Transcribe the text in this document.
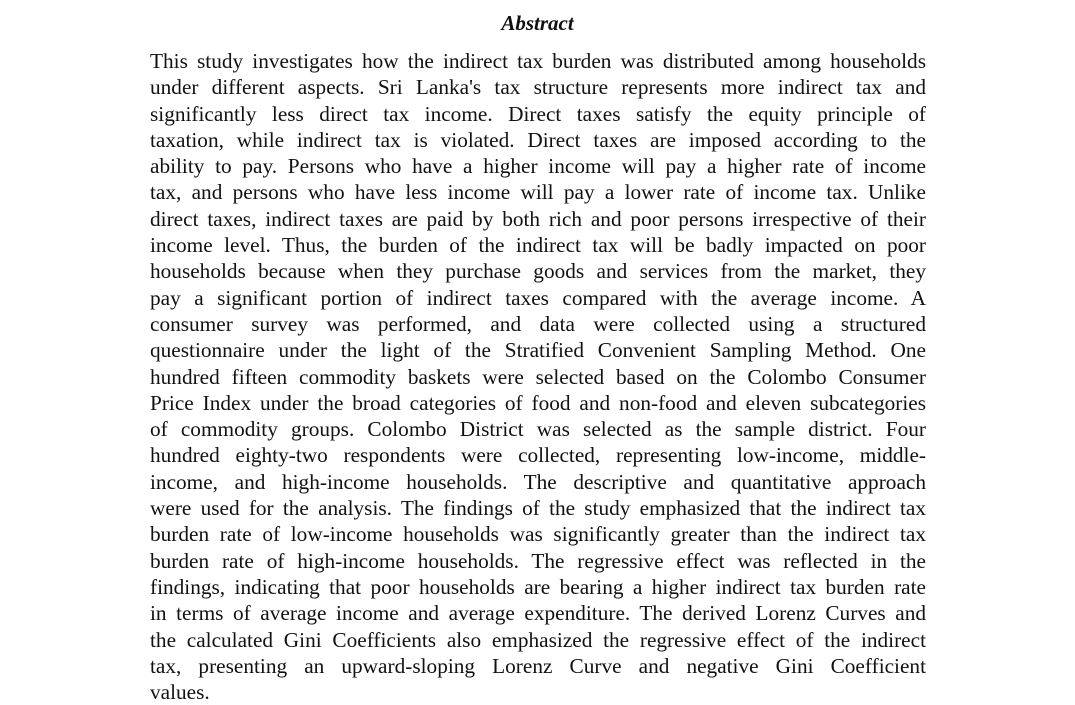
Abstract
This study investigates how the indirect tax burden was distributed among households
under different aspects. Sri Lanka's tax structure represents more indirect tax and
significantly less direct tax income. Direct taxes satisfy the equity principle of
taxation, while indirect tax is violated. Direct taxes are imposed according to the
ability to pay. Persons who have a higher income will pay a higher rate of income
tax, and persons who have less income will pay a lower rate of income tax. Unlike
direct taxes, indirect taxes are paid by both rich and poor persons irrespective of their
income level. Thus, the burden of the indirect tax will be badly impacted on poor
households because when they purchase goods and services from the market, they
pay a significant portion of indirect taxes compared with the average income. A
consumer survey was performed, and data were collected using a structured
questionnaire under the light of the Stratified Convenient Sampling Method. One
hundred fifteen commodity baskets were selected based on the Colombo Consumer
Price Index under the broad categories of food and non-food and eleven subcategories
of commodity groups. Colombo District was selected as the sample district. Four
hundred eighty-two respondents were collected, representing low-income, middle-
income, and high-income households. The descriptive and quantitative approach
were used for the analysis. The findings of the study emphasized that the indirect tax
burden rate of low-income households was significantly greater than the indirect tax
burden rate of high-income households. The regressive effect was reflected in the
findings, indicating that poor households are bearing a higher indirect tax burden rate
in terms of average income and average expenditure. The derived Lorenz Curves and
the calculated Gini Coefficients also emphasized the regressive effect of the indirect
tax, presenting an upward-sloping Lorenz Curve and negative Gini Coefficient
values.
